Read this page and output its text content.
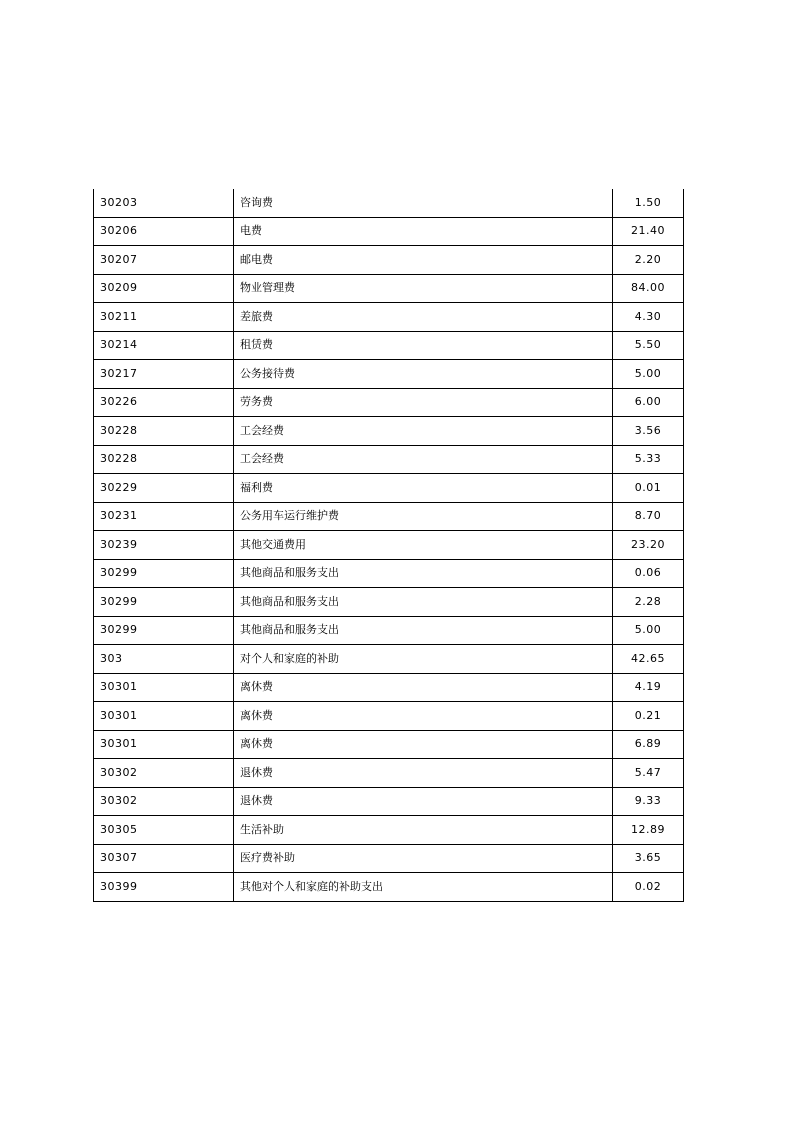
30203	咨询费	1.50
30206	电费	21.40
30207	邮电费	2.20
30209	物业管理费	84.00
30211	差旅费	4.30
30214	租赁费	5.50
30217	公务接待费	5.00
30226	劳务费	6.00
30228	工会经费	3.56
30228	工会经费	5.33
30229	福利费	0.01
30231	公务用车运行维护费	8.70
30239	其他交通费用	23.20
30299	其他商品和服务支出	0.06
30299	其他商品和服务支出	2.28
30299	其他商品和服务支出	5.00
303	对个人和家庭的补助	42.65
30301	离休费	4.19
30301	离休费	0.21
30301	离休费	6.89
30302	退休费	5.47
30302	退休费	9.33
30305	生活补助	12.89
30307	医疗费补助	3.65
30399	其他对个人和家庭的补助支出	0.02
